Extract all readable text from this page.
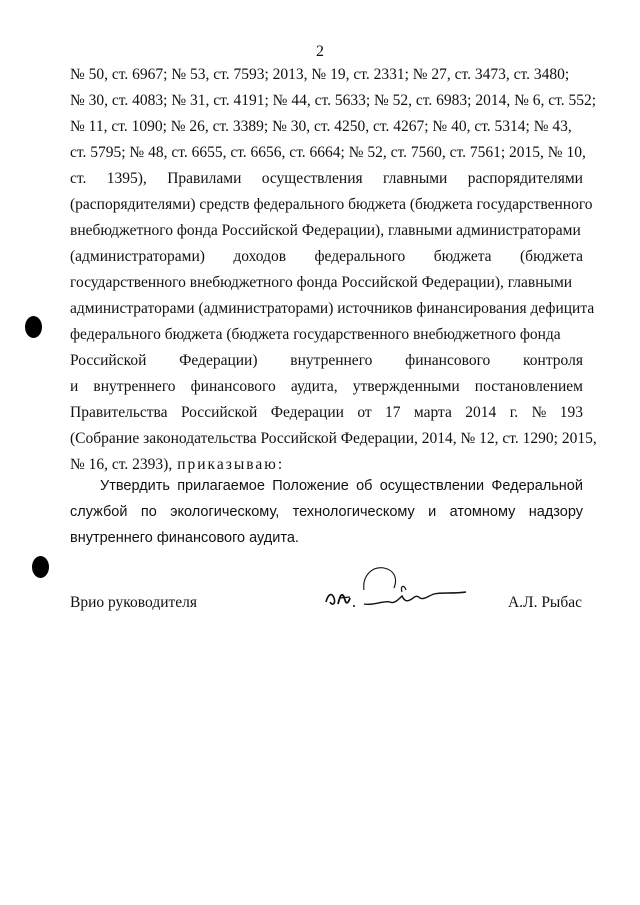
2
№ 50, ст. 6967; № 53, ст. 7593; 2013, № 19, ст. 2331; № 27, ст. 3473, ст. 3480;
№ 30, ст. 4083; № 31, ст. 4191; № 44, ст. 5633; № 52, ст. 6983; 2014, № 6, ст. 552;
№ 11, ст. 1090; № 26, ст. 3389; № 30, ст. 4250, ст. 4267; № 40, ст. 5314; № 43,
ст. 5795; № 48, ст. 6655, ст. 6656, ст. 6664; № 52, ст. 7560, ст. 7561; 2015, № 10,
ст. 1395), Правилами осуществления главными распорядителями
(распорядителями) средств федерального бюджета (бюджета государственного
внебюджетного фонда Российской Федерации), главными администраторами
(администраторами) доходов федерального бюджета (бюджета
государственного внебюджетного фонда Российской Федерации), главными
администраторами (администраторами) источников финансирования дефицита
федерального бюджета (бюджета государственного внебюджетного фонда
Российской Федерации) внутреннего финансового контроля
и внутреннего финансового аудита, утвержденными постановлением
Правительства Российской Федерации от 17 марта 2014 г. № 193
(Собрание законодательства Российской Федерации, 2014, № 12, ст. 1290; 2015,
№ 16, ст. 2393), приказываю:
Утвердить прилагаемое Положение об осуществлении Федеральной
службой по экологическому, технологическому и атомному надзору
внутреннего финансового аудита.
Врио руководителя	А.Л. Рыбас
